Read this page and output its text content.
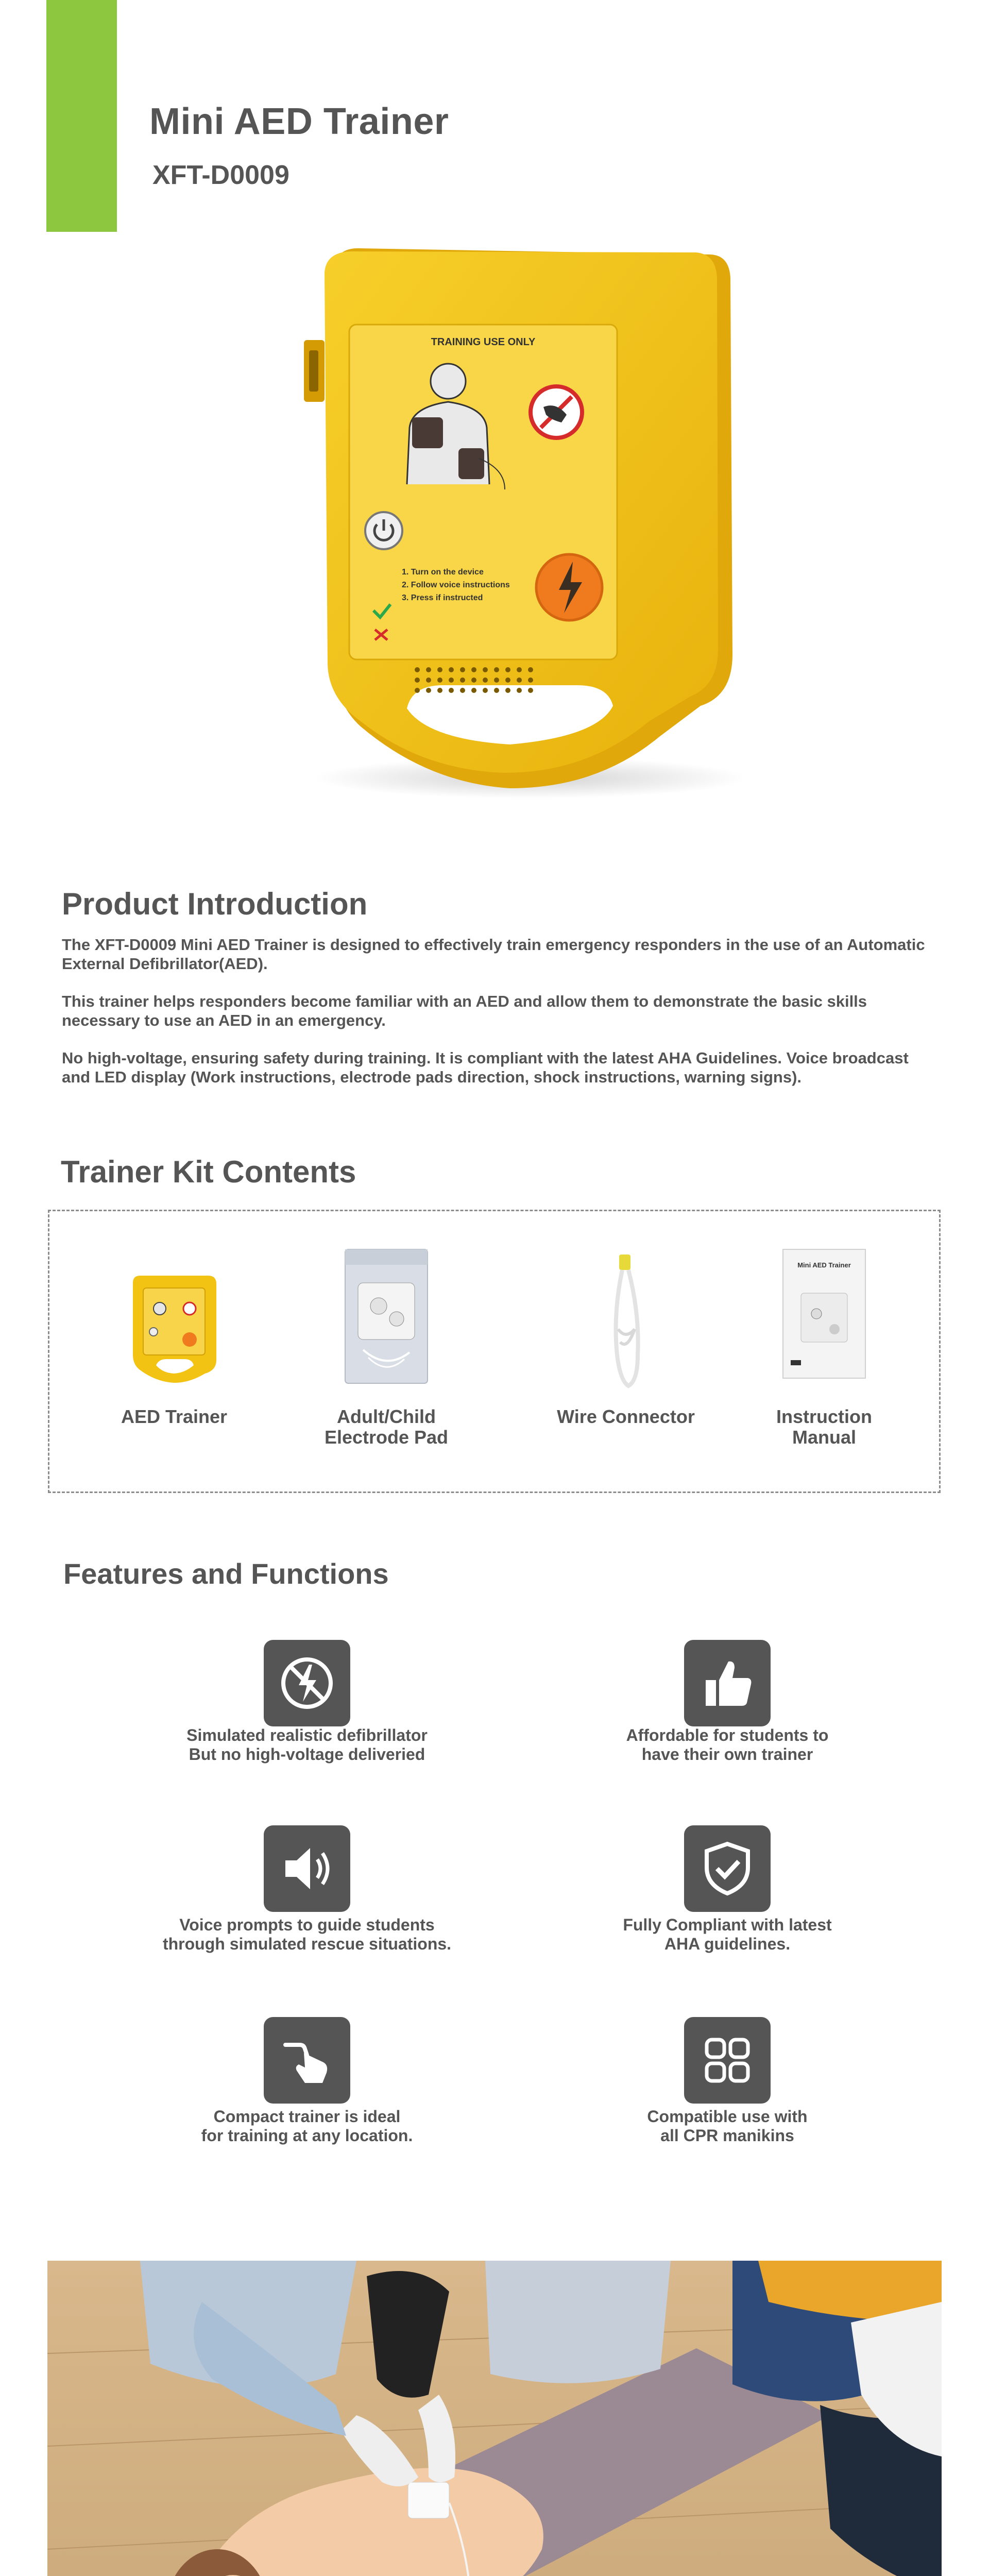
Mini AED Trainer
XFT-D0009
TRAINING USE ONLY
1. Turn on the device
2. Follow voice instructions
3. Press if instructed
Product Introduction
The XFT-D0009 Mini AED Trainer is designed to effectively train emergency responders in the use of an Automatic External Defibrillator(AED).
This trainer helps responders become familiar with an AED and allow them to demonstrate the basic skills necessary to use an AED in an emergency.
No high-voltage, ensuring safety during training. It is compliant with the latest AHA Guidelines. Voice broadcast and LED display (Work instructions, electrode pads direction, shock instructions, warning signs).
Trainer Kit Contents
AED Trainer	Adult/Child
Electrode Pad
Wire Connector
Mini AED Trainer
Instruction
Manual
Features and Functions
Simulated realistic defibrillator
But no high-voltage deliveried
Affordable for students to
have their own trainer
Voice prompts to guide students
through simulated rescue situations.
Fully Compliant with latest
AHA guidelines.
Compact trainer is ideal
for training at any location.
Compatible use with
all CPR manikins
